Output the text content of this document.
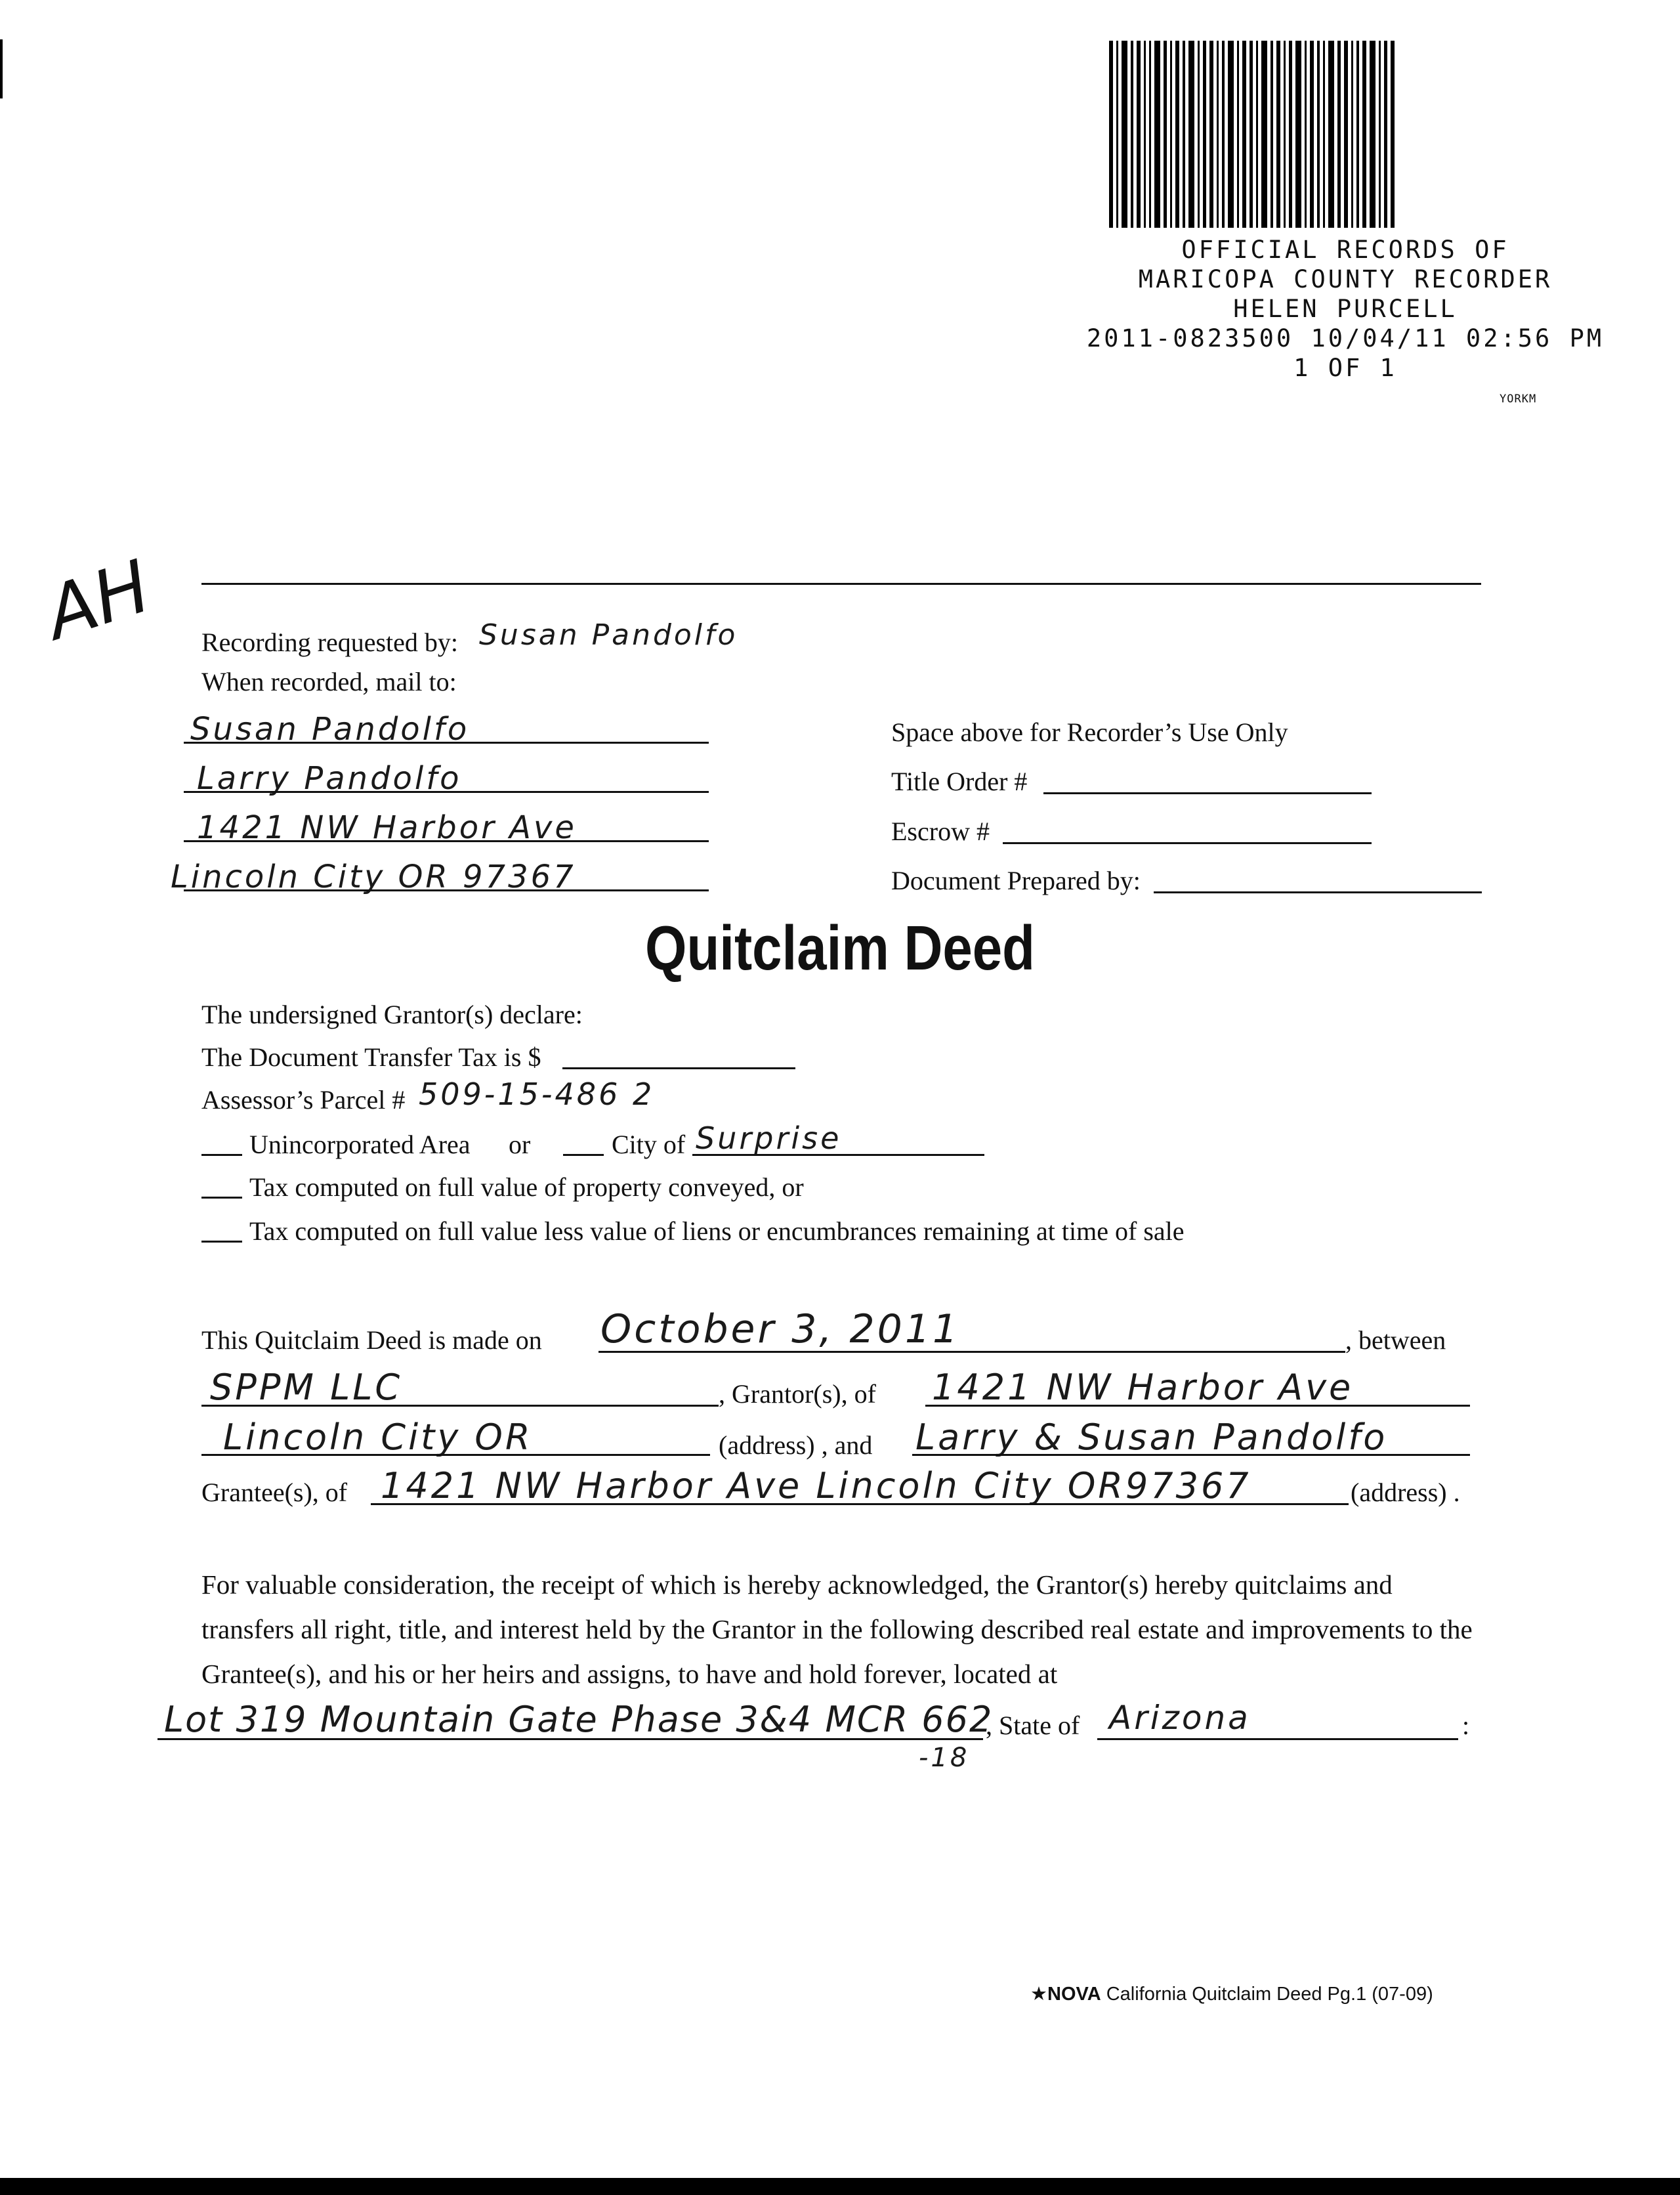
OFFICIAL RECORDS OF
MARICOPA COUNTY RECORDER
HELEN PURCELL
2011-0823500 10/04/11 02:56 PM
1 OF 1
YORKM
AH Recording requested by: Susan Pandolfo
When recorded, mail to:
Susan Pandolfo
Larry Pandolfo
1421 NW Harbor Ave
Lincoln City OR 97367
Space above for Recorder’s Use Only
Title Order #
Escrow #
Document Prepared by:
Quitclaim Deed
The undersigned Grantor(s) declare:
The Document Transfer Tax is $
Assessor’s Parcel # 509-15-486 2
Unincorporated Area or	City of Surprise
Tax computed on full value of property conveyed, or
Tax computed on full value less value of liens or encumbrances remaining at time of sale
This Quitclaim Deed is made on October 3, 2011	, between
SPPM LLC	, Grantor(s), of 1421 NW Harbor Ave
Lincoln City OR	(address) , and Larry & Susan Pandolfo
Grantee(s), of 1421 NW Harbor Ave Lincoln City OR97367	(address) .
For valuable consideration, the receipt of which is hereby acknowledged, the Grantor(s) hereby quitclaims and transfers all right, title, and interest held by the Grantor in the following described real estate and improvements to the Grantee(s), and his or her heirs and assigns, to have and hold forever, located at
Lot 319 Mountain Gate Phase 3&4 MCR 662
-18
, State of Arizona	:
★NOVA California Quitclaim Deed Pg.1 (07-09)
